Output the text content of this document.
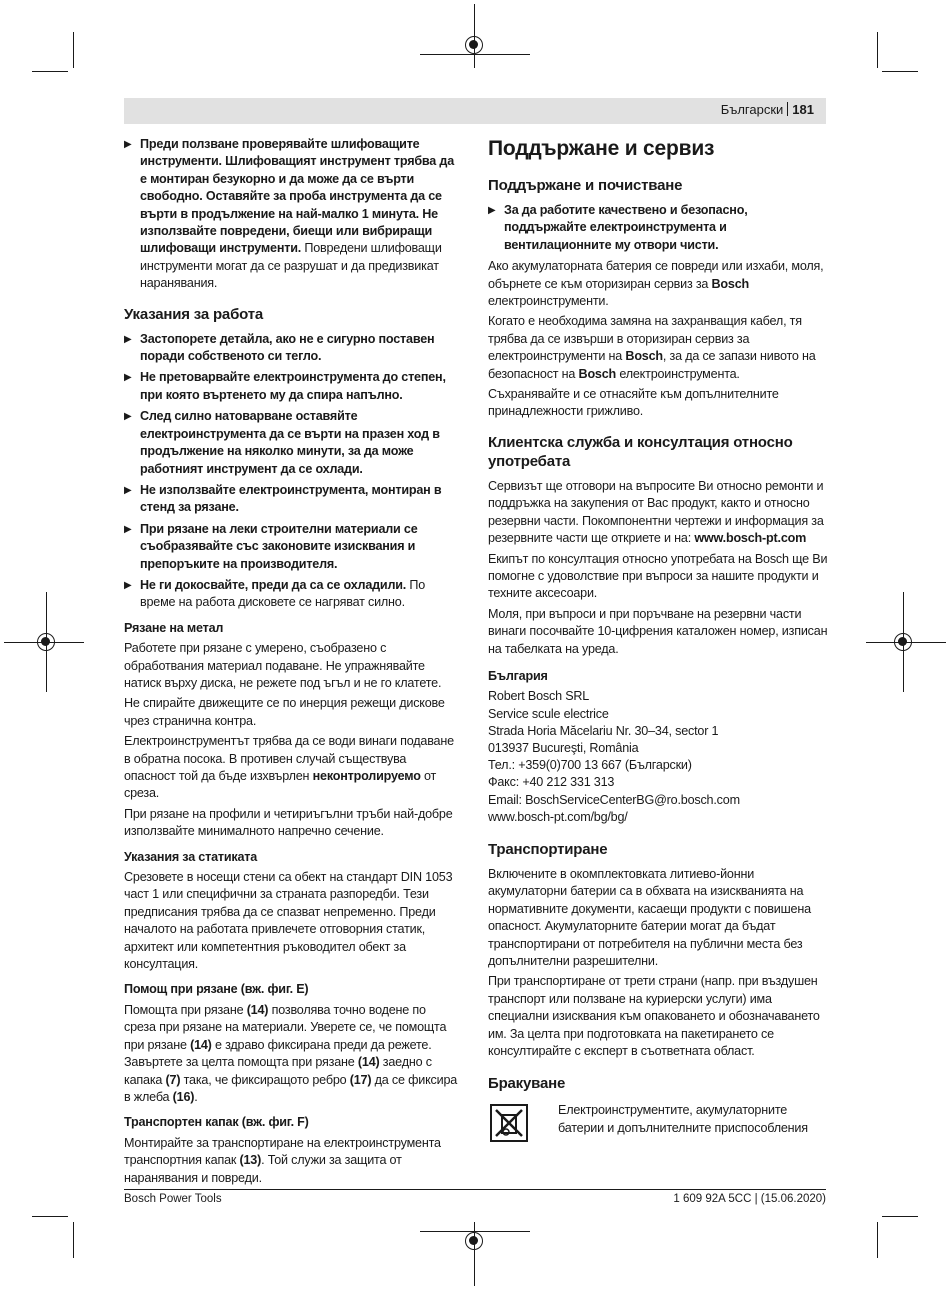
Български 181
▶ Преди ползване проверявайте шлифоващите инструменти. Шлифоващият инструмент трябва да е монтиран безукорно и да може да се върти свободно. Оставяйте за проба инструмента да се върти в продължение на най-малко 1 минута. Не използвайте повредени, биещи или вибриращи шлифоващи инструменти. Повредени шлифоващи инструменти могат да се разрушат и да предизвикат наранявания.
Указания за работа
▶ Застопорете детайла, ако не е сигурно поставен поради собственото си тегло.
▶ Не претоварвайте електроинструмента до степен, при която въртенето му да спира напълно.
▶ След силно натоварване оставяйте електроинструмента да се върти на празен ход в продължение на няколко минути, за да може работният инструмент да се охлади.
▶ Не използвайте електроинструмента, монтиран в стенд за рязане.
▶ При рязане на леки строителни материали се съобразявайте със законовите изисквания и препоръките на производителя.
▶ Не ги докосвайте, преди да са се охладили. По време на работа дисковете се нагряват силно.
Рязане на метал
Работете при рязане с умерено, съобразено с обработвания материал подаване. Не упражнявайте натиск върху диска, не режете под ъгъл и не го клатете.
Не спирайте движещите се по инерция режещи дискове чрез странична контра.
Електроинструментът трябва да се води винаги подаване в обратна посока. В противен случай съществува опасност той да бъде изхвърлен неконтролируемо от среза.
При рязане на профили и четириъгълни тръби най-добре използвайте минималното напречно сечение.
Указания за статиката
Срезовете в носещи стени са обект на стандарт DIN 1053 част 1 или специфични за страната разпоредби. Тези предписания трябва да се спазват непременно. Преди началото на работата привлечете отговорния статик, архитект или компетентния ръководител обект за консултация.
Помощ при рязане (вж. фиг. E)
Помощта при рязане (14) позволява точно водене по среза при рязане на материали. Уверете се, че помощта при рязане (14) е здраво фиксирана преди да режете. Завъртете за целта помощта при рязане (14) заедно с капака (7) така, че фиксиращото ребро (17) да се фиксира в жлеба (16).
Транспортен капак (вж. фиг. F)
Монтирайте за транспортиране на електроинструмента транспортния капак (13). Той служи за защита от наранявания и повреди.
Поддържане и сервиз
Поддържане и почистване
▶ За да работите качествено и безопасно, поддържайте електроинструмента и вентилационните му отвори чисти.
Ако акумулаторната батерия се повреди или изхаби, моля, обърнете се към оторизиран сервиз за Bosch електроинструменти.
Когато е необходима замяна на захранващия кабел, тя трябва да се извърши в оторизиран сервиз за електроинструменти на Bosch, за да се запази нивото на безопасност на Bosch електроинструмента.
Съхранявайте и се отнасяйте към допълнителните принадлежности грижливо.
Клиентска служба и консултация относно употребата
Сервизът ще отговори на въпросите Ви относно ремонти и поддръжка на закупения от Вас продукт, както и относно резервни части. Покомпонентни чертежи и информация за резервните части ще откриете и на: www.bosch-pt.com
Екипът по консултация относно употребата на Bosch ще Ви помогне с удоволствие при въпроси за нашите продукти и техните аксесоари.
Моля, при въпроси и при поръчване на резервни части винаги посочвайте 10-цифрения каталожен номер, изписан на табелката на уреда.
България
Robert Bosch SRL
Service scule electrice
Strada Horia Măcelariu Nr. 30–34, sector 1
013937 Bucureşti, România
Тел.: +359(0)700 13 667 (Български)
Факс: +40 212 331 313
Email: BoschServiceCenterBG@ro.bosch.com
www.bosch-pt.com/bg/bg/
Транспортиране
Включените в окомплектовката литиево-йонни акумулаторни батерии са в обхвата на изискванията на нормативните документи, касаещи продукти с повишена опасност. Акумулаторните батерии могат да бъдат транспортирани от потребителя на публични места без допълнителни разрешителни.
При транспортиране от трети страни (напр. при въздушен транспорт или ползване на куриерски услуги) има специални изисквания към опаковането и обозначаването им. За целта при подготовката на пакетирането се консултирайте с експерт в съответната област.
Бракуване
Електроинструментите, акумулаторните батерии и допълнителните приспособления
Bosch Power Tools	1 609 92A 5CC | (15.06.2020)
